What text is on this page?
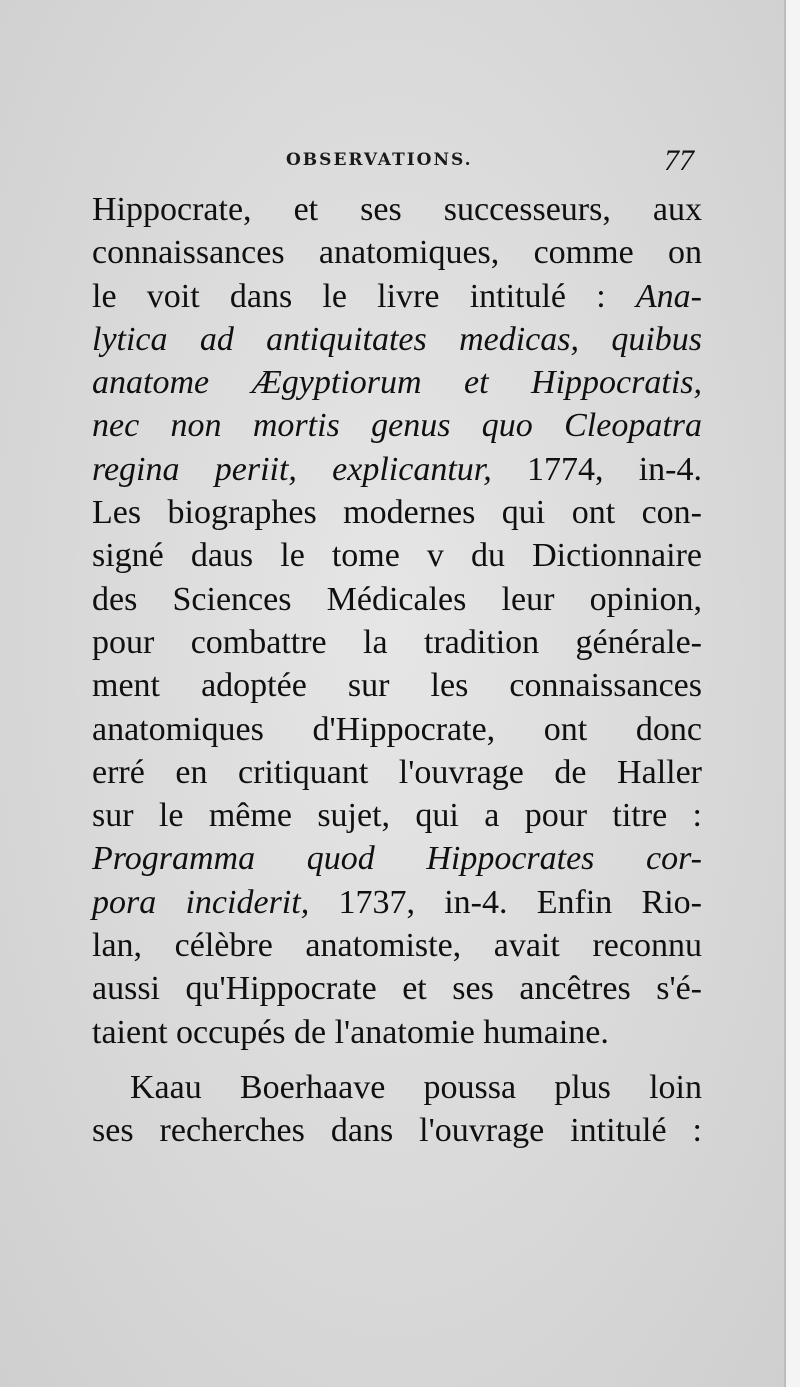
OBSERVATIONS.	77
Hippocrate, et ses successeurs, aux
connaissances anatomiques, comme on
le voit dans le livre intitulé : Ana-
lytica ad antiquitates medicas, quibus
anatome Ægyptiorum et Hippocratis,
nec non mortis genus quo Cleopatra
regina periit, explicantur, 1774, in-4.
Les biographes modernes qui ont con-
signé daus le tome v du Dictionnaire
des Sciences Médicales leur opinion,
pour combattre la tradition générale-
ment adoptée sur les connaissances
anatomiques d'Hippocrate, ont donc
erré en critiquant l'ouvrage de Haller
sur le même sujet, qui a pour titre :
Programma quod Hippocrates cor-
pora inciderit, 1737, in-4. Enfin Rio-
lan, célèbre anatomiste, avait reconnu
aussi qu'Hippocrate et ses ancêtres s'é-
taient occupés de l'anatomie humaine.
Kaau Boerhaave poussa plus loin
ses recherches dans l'ouvrage intitulé :
